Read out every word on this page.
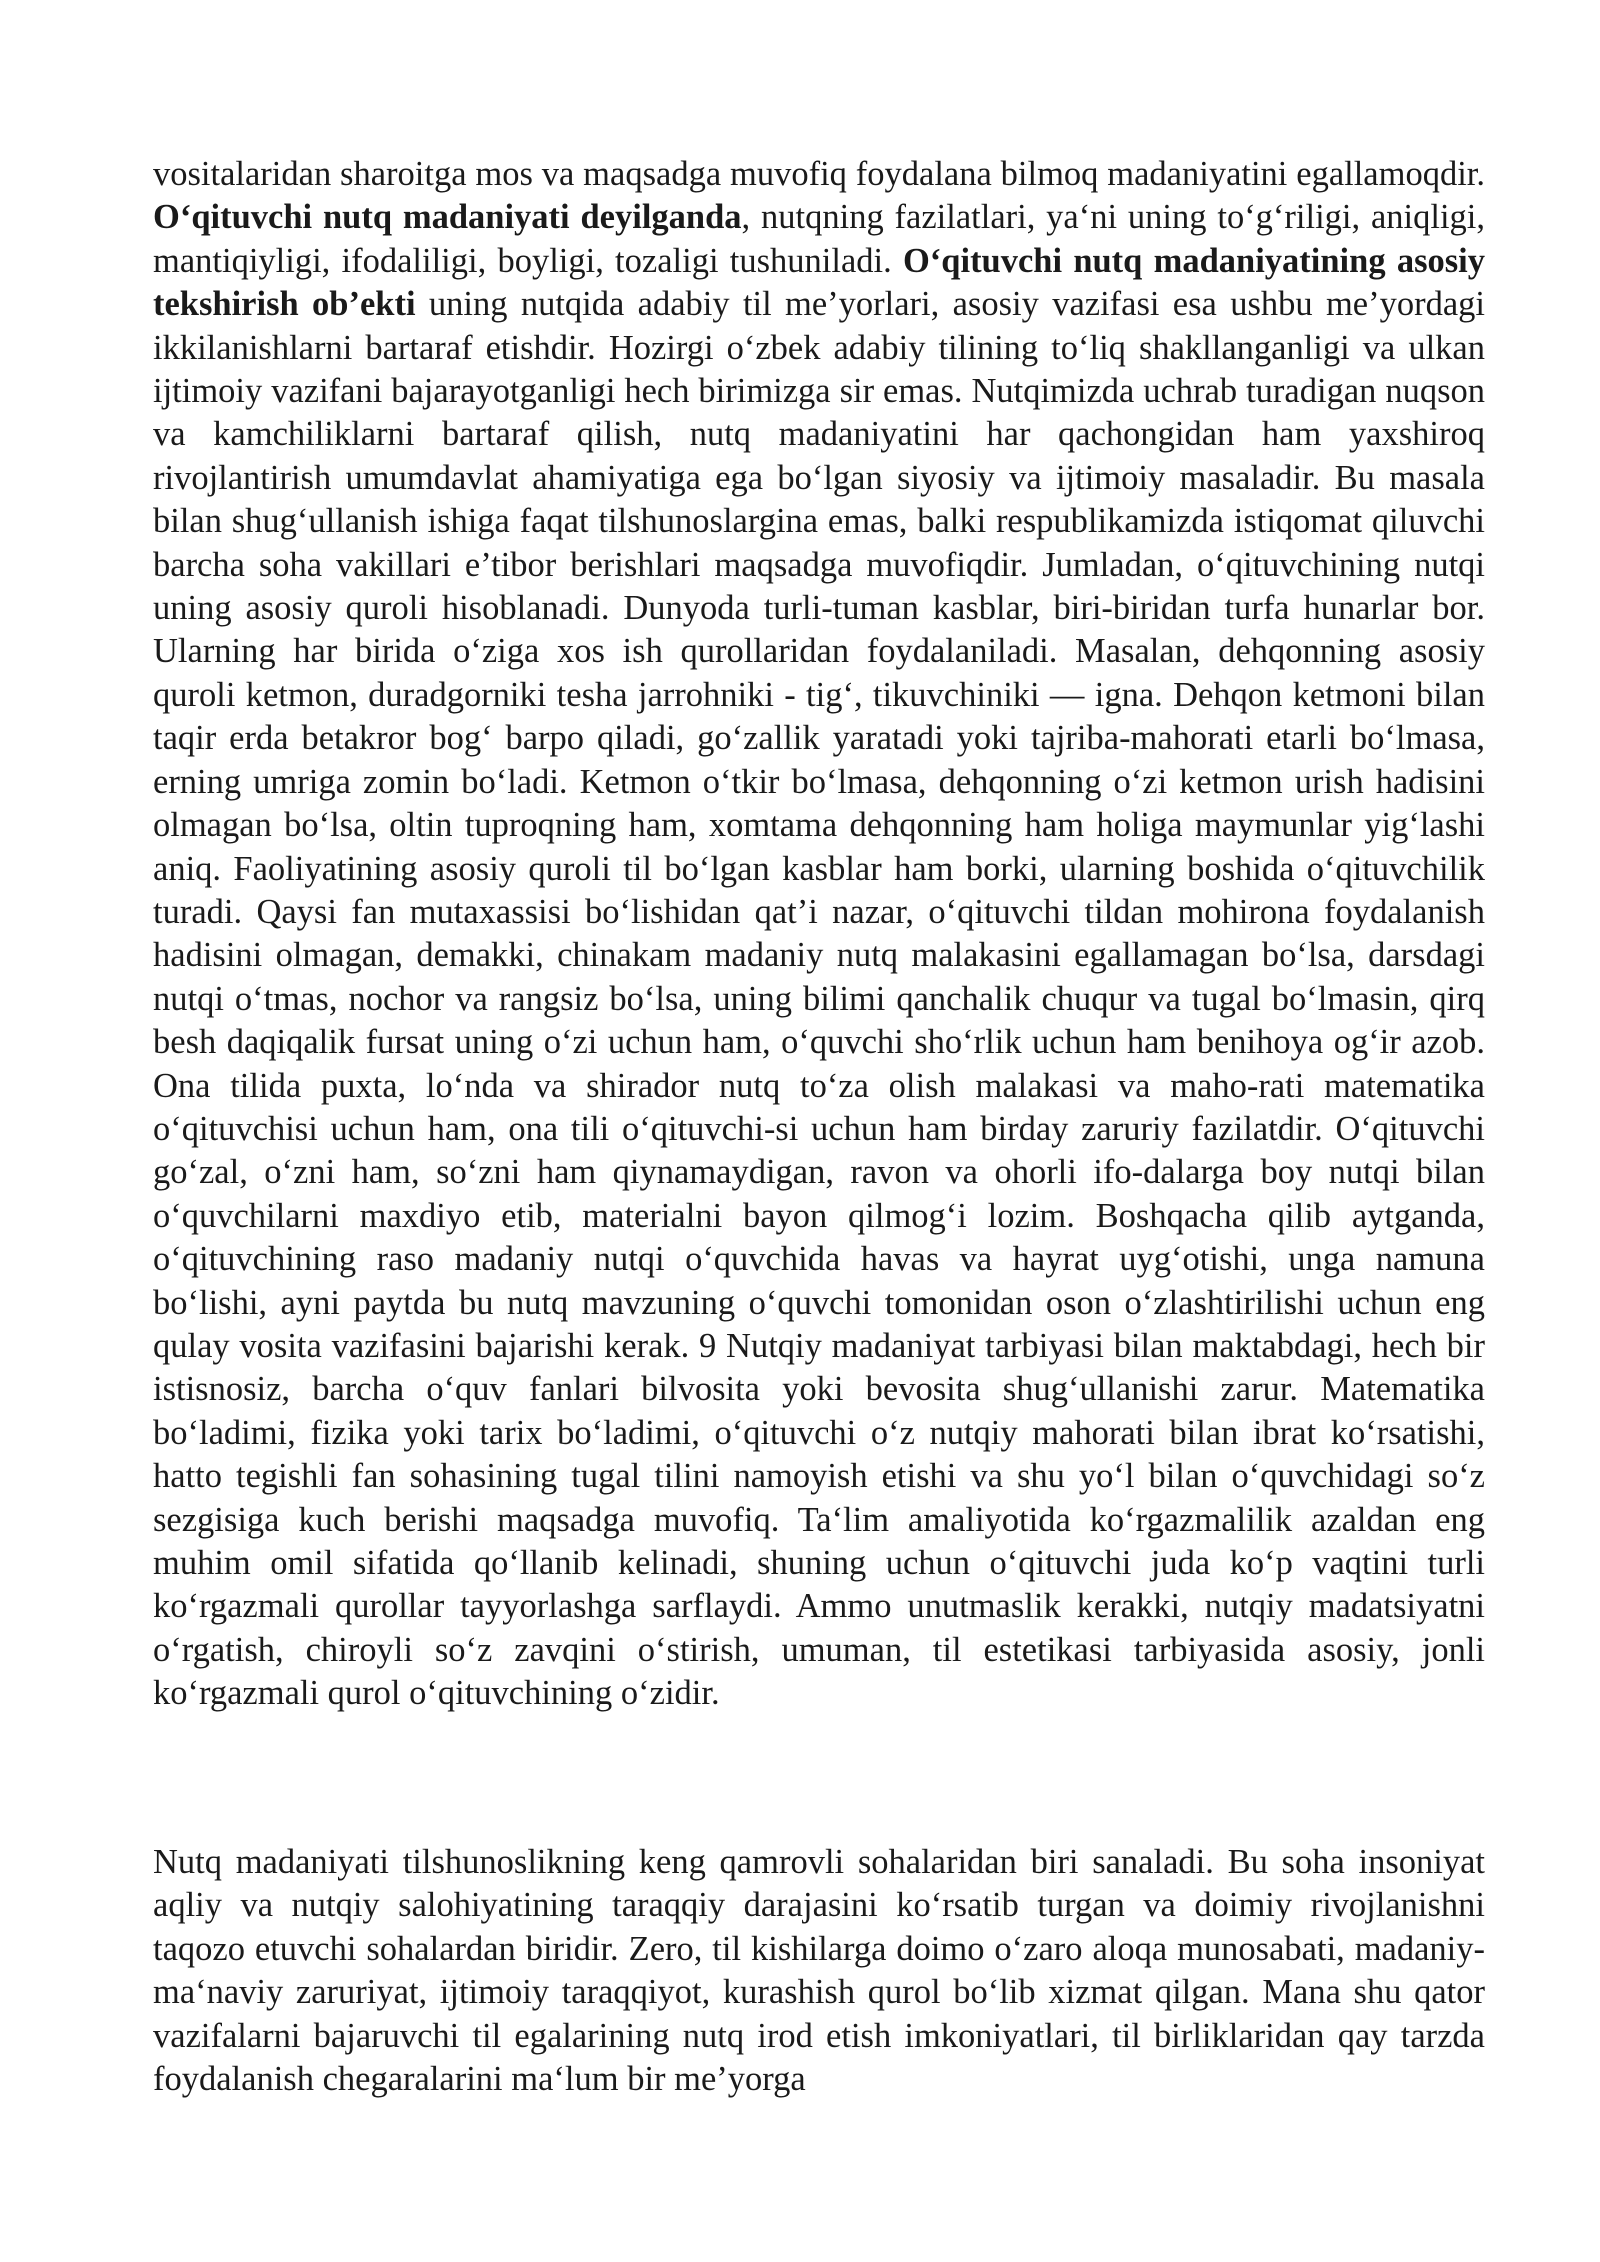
vositalaridan sharoitga mos va maqsadga muvofiq foydalana bilmoq madaniyatini egallamoqdir. O‘qituvchi nutq madaniyati deyilganda, nutqning fazilatlari, ya‘ni uning to‘g‘riligi, aniqligi, mantiqiyligi, ifodaliligi, boyligi, tozaligi tushuniladi. O‘qituvchi nutq madaniyatining asosiy tekshirish ob’ekti uning nutqida adabiy til me’yorlari, asosiy vazifasi esa ushbu me’yordagi ikkilanishlarni bartaraf etishdir. Hozirgi o‘zbek adabiy tilining to‘liq shakllanganligi va ulkan ijtimoiy vazifani bajarayotganligi hech birimizga sir emas. Nutqimizda uchrab turadigan nuqson va kamchiliklarni bartaraf qilish, nutq madaniyatini har qachongidan ham yaxshiroq rivojlantirish umumdavlat ahamiyatiga ega bo‘lgan siyosiy va ijtimoiy masaladir. Bu masala bilan shug‘ullanish ishiga faqat tilshunoslargina emas, balki respublikamizda istiqomat qiluvchi barcha soha vakillari e’tibor berishlari maqsadga muvofiqdir. Jumladan, o‘qituvchining nutqi uning asosiy quroli hisoblanadi. Dunyoda turli-tuman kasblar, biri-biridan turfa hunarlar bor. Ularning har birida o‘ziga xos ish qurollaridan foydalaniladi. Masalan, dehqonning asosiy quroli ketmon, duradgorniki tesha jarrohniki - tig‘, tikuvchiniki — igna. Dehqon ketmoni bilan taqir erda betakror bog‘ barpo qiladi, go‘zallik yaratadi yoki tajriba-mahorati etarli bo‘lmasa, erning umriga zomin bo‘ladi. Ketmon o‘tkir bo‘lmasa, dehqonning o‘zi ketmon urish hadisini olmagan bo‘lsa, oltin tuproqning ham, xomtama dehqonning ham holiga maymunlar yig‘lashi aniq. Faoliyatining asosiy quroli til bo‘lgan kasblar ham borki, ularning boshida o‘qituvchilik turadi. Qaysi fan mutaxassisi bo‘lishidan qat’i nazar, o‘qituvchi tildan mohirona foydalanish hadisini olmagan, demakki, chinakam madaniy nutq malakasini egallamagan bo‘lsa, darsdagi nutqi o‘tmas, nochor va rangsiz bo‘lsa, uning bilimi qanchalik chuqur va tugal bo‘lmasin, qirq besh daqiqalik fursat uning o‘zi uchun ham, o‘quvchi sho‘rlik uchun ham benihoya og‘ir azob. Ona tilida puxta, lo‘nda va shirador nutq to‘za olish malakasi va maho-rati matematika o‘qituvchisi uchun ham, ona tili o‘qituvchi-si uchun ham birday zaruriy fazilatdir. O‘qituvchi go‘zal, o‘zni ham, so‘zni ham qiynamaydigan, ravon va ohorli ifo-dalarga boy nutqi bilan o‘quvchilarni maxdiyo etib, materialni bayon qilmog‘i lozim. Boshqacha qilib aytganda, o‘qituvchining raso madaniy nutqi o‘quvchida havas va hayrat uyg‘otishi, unga namuna bo‘lishi, ayni paytda bu nutq mavzuning o‘quvchi tomonidan oson o‘zlashtirilishi uchun eng qulay vosita vazifasini bajarishi kerak. 9 Nutqiy madaniyat tarbiyasi bilan maktabdagi, hech bir istisnosiz, barcha o‘quv fanlari bilvosita yoki bevosita shug‘ullanishi zarur. Matematika bo‘ladimi, fizika yoki tarix bo‘ladimi, o‘qituvchi o‘z nutqiy mahorati bilan ibrat ko‘rsatishi, hatto tegishli fan sohasining tugal tilini namoyish etishi va shu yo‘l bilan o‘quvchidagi so‘z sezgisiga kuch berishi maqsadga muvofiq. Ta‘lim amaliyotida ko‘rgazmalilik azaldan eng muhim omil sifatida qo‘llanib kelinadi, shuning uchun o‘qituvchi juda ko‘p vaqtini turli ko‘rgazmali qurollar tayyorlashga sarflaydi. Ammo unutmaslik kerakki, nutqiy madatsiyatni o‘rgatish, chiroyli so‘z zavqini o‘stirish, umuman, til estetikasi tarbiyasida asosiy, jonli ko‘rgazmali qurol o‘qituvchining o‘zidir.

Nutq madaniyati tilshunoslikning keng qamrovli sohalaridan biri sanaladi. Bu soha insoniyat aqliy va nutqiy salohiyatining taraqqiy darajasini ko‘rsatib turgan va doimiy rivojlanishni taqozo etuvchi sohalardan biridir. Zero, til kishilarga doimo o‘zaro aloqa munosabati, madaniy-ma‘naviy zaruriyat, ijtimoiy taraqqiyot, kurashish qurol bo‘lib xizmat qilgan. Mana shu qator vazifalarni bajaruvchi til egalarining nutq irod etish imkoniyatlari, til birliklaridan qay tarzda foydalanish chegaralarini ma‘lum bir me’yorga
